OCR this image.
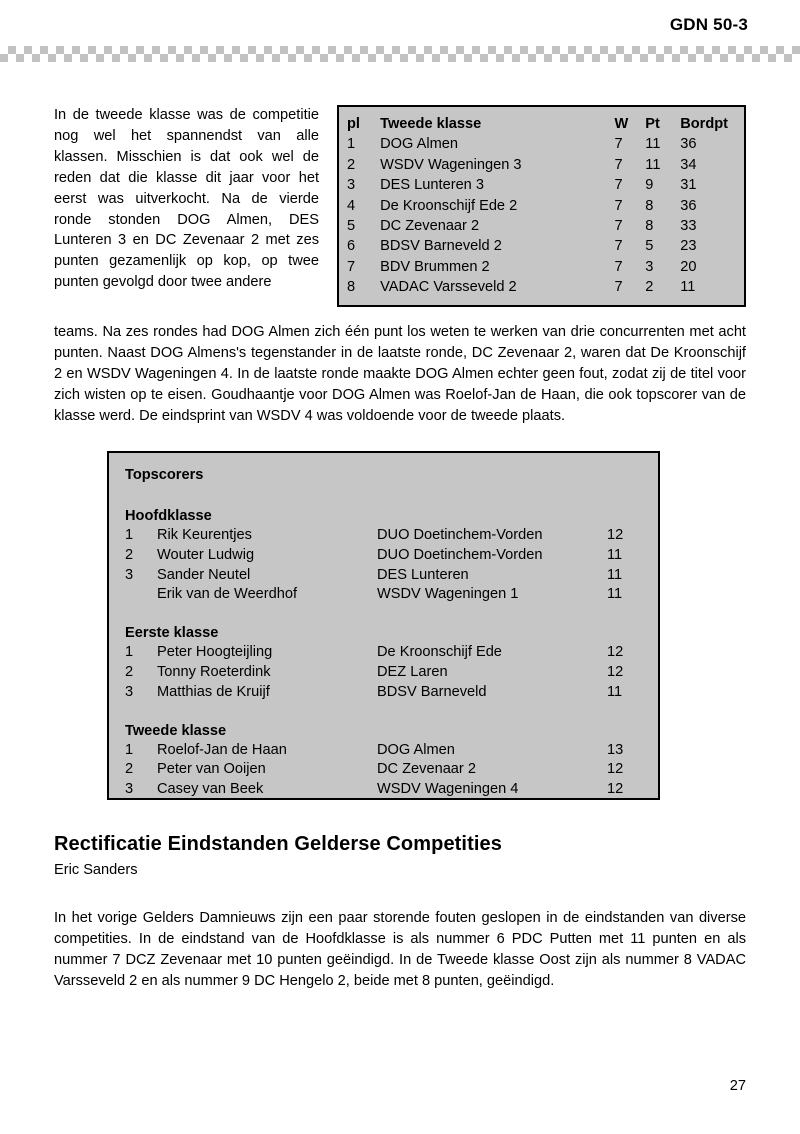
GDN 50-3
pl	Tweede klasse	W	Pt	Bordpt
1	DOG Almen	7	11	36
2	WSDV Wageningen 3	7	11	34
3	DES Lunteren 3	7	9	31
4	De Kroonschijf Ede 2	7	8	36
5	DC Zevenaar 2	7	8	33
6	BDSV Barneveld 2	7	5	23
7	BDV Brummen 2	7	3	20
8	VADAC Varsseveld 2	7	2	11
In de tweede klasse was de competitie nog wel het spannendst van alle klassen. Misschien is dat ook wel de reden dat die klasse dit jaar voor het eerst was uitverkocht. Na de vierde ronde stonden DOG Almen, DES Lunteren 3 en DC Zevenaar 2 met zes punten gezamenlijk op kop, op twee punten gevolgd door twee andere
teams. Na zes rondes had DOG Almen zich één punt los weten te werken van drie concurrenten met acht punten. Naast DOG Almens's tegenstander in de laatste ronde, DC Zevenaar 2, waren dat De Kroonschijf 2 en WSDV Wageningen 4. In de laatste ronde maakte DOG Almen echter geen fout, zodat zij de titel voor zich wisten op te eisen. Goudhaantje voor DOG Almen was Roelof-Jan de Haan, die ook topscorer van de klasse werd. De eindsprint van WSDV 4 was voldoende voor de tweede plaats.
Topscorers
Hoofdklasse
1	Rik Keurentjes	DUO Doetinchem-Vorden	12
2	Wouter Ludwig	DUO Doetinchem-Vorden	11
3	Sander Neutel	DES Lunteren	11
	Erik van de Weerdhof	WSDV Wageningen 1	11
Eerste klasse
1	Peter Hoogteijling	De Kroonschijf Ede	12
2	Tonny Roeterdink	DEZ Laren	12
3	Matthias de Kruijf	BDSV Barneveld	11
Tweede klasse
1	Roelof-Jan de Haan	DOG Almen	13
2	Peter van Ooijen	DC Zevenaar 2	12
3	Casey van Beek	WSDV Wageningen 4	12
Rectificatie Eindstanden Gelderse Competities
Eric Sanders
In het vorige Gelders Damnieuws zijn een paar storende fouten geslopen in de eindstanden van diverse competities. In de eindstand van de Hoofdklasse is als nummer 6 PDC Putten met 11 punten en als nummer 7 DCZ Zevenaar met 10 punten geëindigd. In de Tweede klasse Oost zijn als nummer 8 VADAC Varsseveld 2 en als nummer 9 DC Hengelo 2, beide met 8 punten, geëindigd.
27
